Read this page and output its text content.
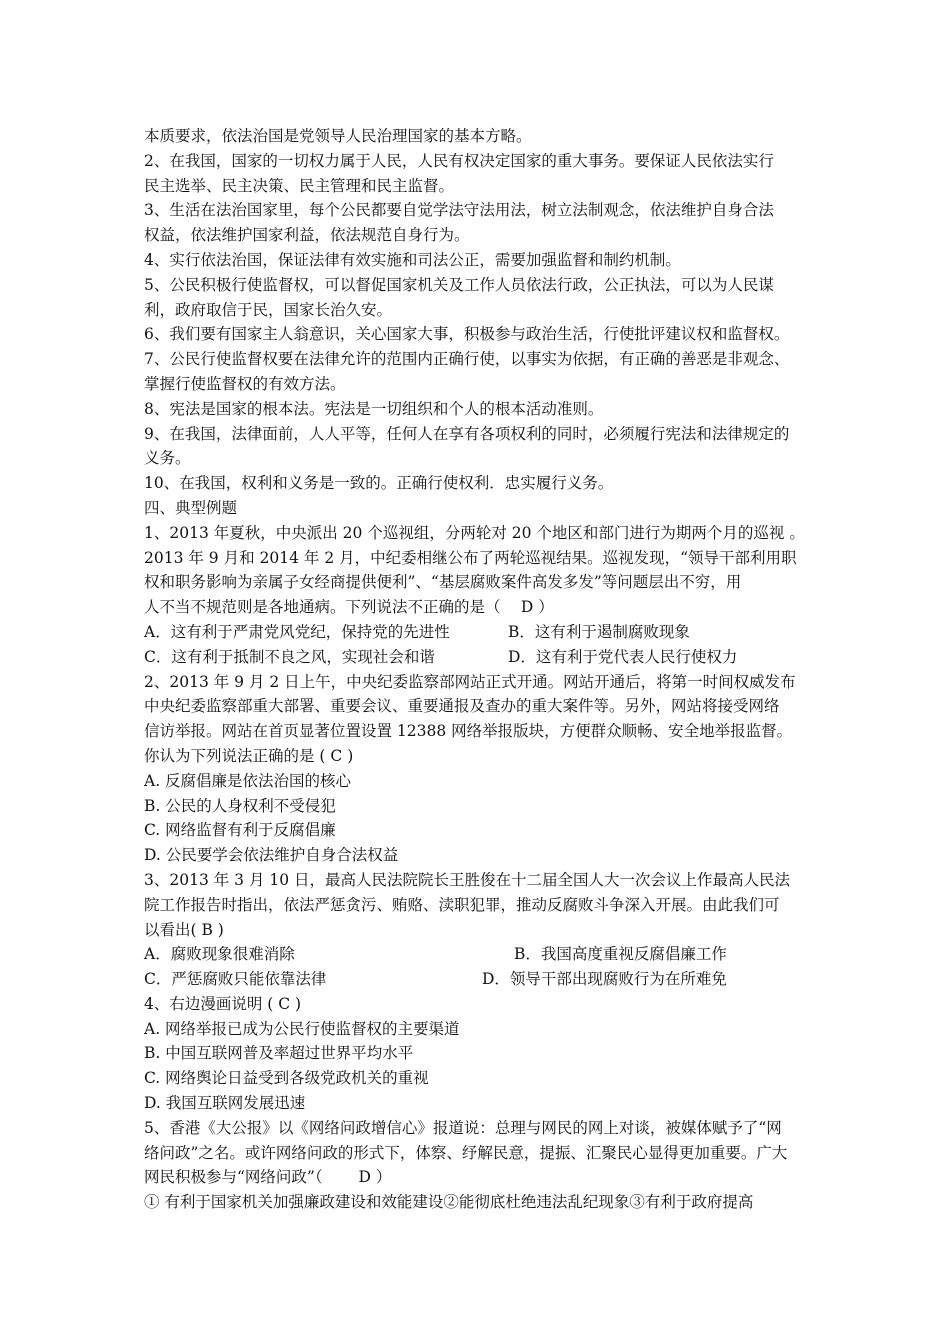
本质要求，依法治国是党领导人民治理国家的基本方略。
2、在我国，国家的一切权力属于人民，人民有权决定国家的重大事务。要保证人民依法实行
民主选举、民主决策、民主管理和民主监督。
3、生活在法治国家里，每个公民都要自觉学法守法用法，树立法制观念，依法维护自身合法
权益，依法维护国家利益，依法规范自身行为。
4、实行依法治国，保证法律有效实施和司法公正，需要加强监督和制约机制。
5、公民积极行使监督权，可以督促国家机关及工作人员依法行政，公正执法，可以为人民谋
利，政府取信于民，国家长治久安。
6、我们要有国家主人翁意识，关心国家大事，积极参与政治生活，行使批评建议权和监督权。
7、公民行使监督权要在法律允许的范围内正确行使，以事实为依据，有正确的善恶是非观念、
掌握行使监督权的有效方法。
8、宪法是国家的根本法。宪法是一切组织和个人的根本活动准则。
9、在我国，法律面前，人人平等，任何人在享有各项权利的同时，必须履行宪法和法律规定的
义务。
10、在我国，权利和义务是一致的。正确行使权利．忠实履行义务。
四、典型例题
1、2013 年夏秋，中央派出 20 个巡视组，分两轮对 20 个地区和部门进行为期两个月的巡视 。
2013 年 9 月和 2014 年 2 月，中纪委相继公布了两轮巡视结果。巡视发现，“领导干部利用职
权和职务影响为亲属子女经商提供便利”、“基层腐败案件高发多发”等问题层出不穷，用
人不当不规范则是各地通病。下列说法不正确的是（　 D ）
A．这有利于严肃党风党纪，保持党的先进性	B．这有利于遏制腐败现象
C．这有利于抵制不良之风，实现社会和谐	D．这有利于党代表人民行使权力
2、2013 年 9 月 2 日上午，中央纪委监察部网站正式开通。网站开通后，将第一时间权威发布
中央纪委监察部重大部署、重要会议、重要通报及查办的重大案件等。另外，网站将接受网络
信访举报。网站在首页显著位置设置 12388 网络举报版块，方便群众顺畅、安全地举报监督。
你认为下列说法正确的是 ( C )
A. 反腐倡廉是依法治国的核心
B. 公民的人身权利不受侵犯
C. 网络监督有利于反腐倡廉
D. 公民要学会依法维护自身合法权益
3、2013 年 3 月 10 日，最高人民法院院长王胜俊在十二届全国人大一次会议上作最高人民法
院工作报告时指出，依法严惩贪污、贿赂、渎职犯罪，推动反腐败斗争深入开展。由此我们可
以看出( B )
A．腐败现象很难消除	B．我国高度重视反腐倡廉工作
C．严惩腐败只能依靠法律	D．领导干部出现腐败行为在所难免
4、右边漫画说明 ( C )
A. 网络举报已成为公民行使监督权的主要渠道
B. 中国互联网普及率超过世界平均水平
C. 网络舆论日益受到各级党政机关的重视
D. 我国互联网发展迅速
5、香港《大公报》以《网络问政增信心》报道说：总理与网民的网上对谈，被媒体赋予了“网
络问政”之名。或许网络问政的形式下，体察、纾解民意，提振、汇聚民心显得更加重要。广大
网民积极参与“网络问政”（　　 D ）
① 有利于国家机关加强廉政建设和效能建设②能彻底杜绝违法乱纪现象③有利于政府提高
